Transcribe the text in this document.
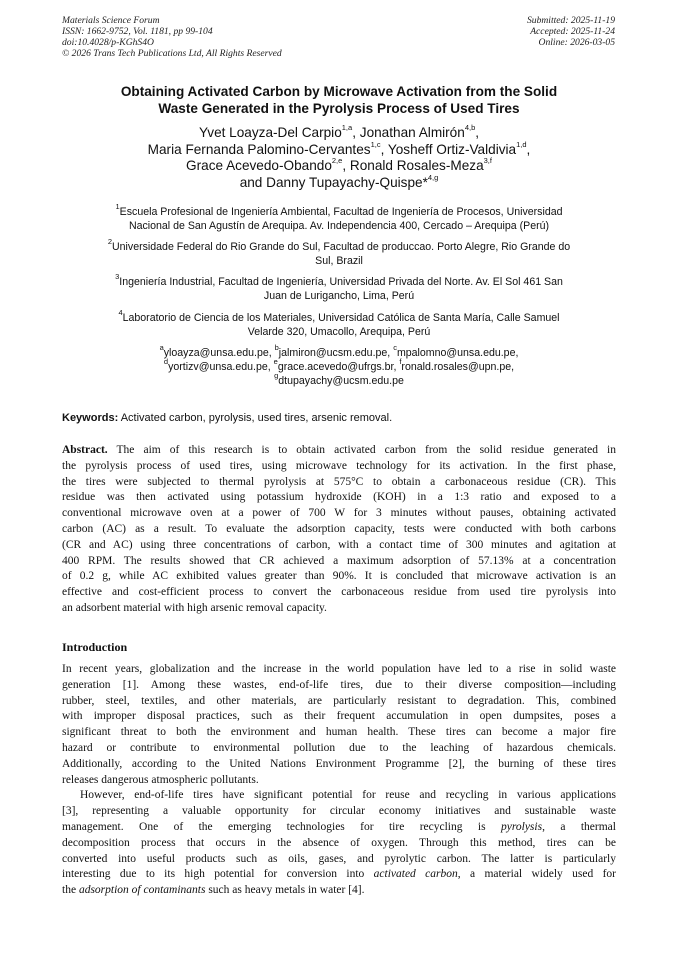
Materials Science Forum
ISSN: 1662-9752, Vol. 1181, pp 99-104
doi:10.4028/p-KGhS4O
© 2026 Trans Tech Publications Ltd, All Rights Reserved
Submitted: 2025-11-19
Accepted: 2025-11-24
Online: 2026-03-05
Obtaining Activated Carbon by Microwave Activation from the Solid
Waste Generated in the Pyrolysis Process of Used Tires
Yvet Loayza-Del Carpio$^{1,a}$, Jonathan Almirón$^{4,b}$,
Maria Fernanda Palomino-Cervantes$^{1,c}$, Yosheff Ortiz-Valdivia$^{1,d}$,
Grace Acevedo-Obando$^{2,e}$, Ronald Rosales-Meza$^{3,f}$
and Danny Tupayachy-Quispe*$^{4,g}$
$^1$Escuela Profesional de Ingeniería Ambiental, Facultad de Ingeniería de Procesos, Universidad
Nacional de San Agustín de Arequipa. Av. Independencia 400, Cercado – Arequipa (Perú)
$^2$Universidade Federal do Rio Grande do Sul, Facultad de produccao. Porto Alegre, Rio Grande do
Sul, Brazil
$^3$Ingeniería Industrial, Facultad de Ingeniería, Universidad Privada del Norte. Av. El Sol 461 San
Juan de Lurigancho, Lima, Perú
$^4$Laboratorio de Ciencia de los Materiales, Universidad Católica de Santa María, Calle Samuel
Velarde 320, Umacollo, Arequipa, Perú
$^a$yloayza@unsa.edu.pe, $^b$jalmiron@ucsm.edu.pe, $^c$mpalomno@unsa.edu.pe,
$^d$yortizv@unsa.edu.pe, $^e$grace.acevedo@ufrgs.br, $^f$ronald.rosales@upn.pe,
$^g$dtupayachy@ucsm.edu.pe
Keywords: Activated carbon, pyrolysis, used tires, arsenic removal.
Abstract. The aim of this research is to obtain activated carbon from the solid residue generated in
the pyrolysis process of used tires, using microwave technology for its activation. In the first phase,
the tires were subjected to thermal pyrolysis at 575°C to obtain a carbonaceous residue (CR). This
residue was then activated using potassium hydroxide (KOH) in a 1:3 ratio and exposed to a
conventional microwave oven at a power of 700 W for 3 minutes without pauses, obtaining activated
carbon (AC) as a result. To evaluate the adsorption capacity, tests were conducted with both carbons
(CR and AC) using three concentrations of carbon, with a contact time of 300 minutes and agitation at
400 RPM. The results showed that CR achieved a maximum adsorption of 57.13% at a concentration
of 0.2 g, while AC exhibited values greater than 90%. It is concluded that microwave activation is an
effective and cost-efficient process to convert the carbonaceous residue from used tire pyrolysis into
an adsorbent material with high arsenic removal capacity.
Introduction
In recent years, globalization and the increase in the world population have led to a rise in solid waste
generation [1]. Among these wastes, end-of-life tires, due to their diverse composition—including
rubber, steel, textiles, and other materials, are particularly resistant to degradation. This, combined
with improper disposal practices, such as their frequent accumulation in open dumpsites, poses a
significant threat to both the environment and human health. These tires can become a major fire
hazard or contribute to environmental pollution due to the leaching of hazardous chemicals.
Additionally, according to the United Nations Environment Programme [2], the burning of these tires
releases dangerous atmospheric pollutants.
However, end-of-life tires have significant potential for reuse and recycling in various applications
[3], representing a valuable opportunity for circular economy initiatives and sustainable waste
management. One of the emerging technologies for tire recycling is pyrolysis, a thermal
decomposition process that occurs in the absence of oxygen. Through this method, tires can be
converted into useful products such as oils, gases, and pyrolytic carbon. The latter is particularly
interesting due to its high potential for conversion into activated carbon, a material widely used for
the adsorption of contaminants such as heavy metals in water [4].
